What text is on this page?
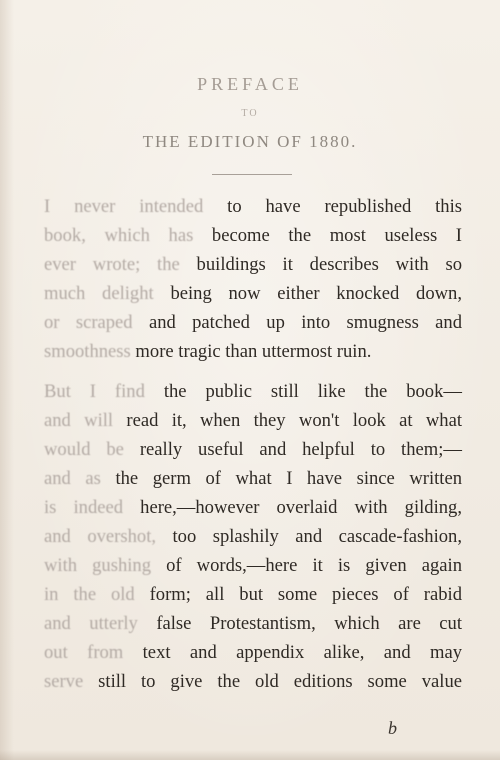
PREFACE
TO
THE EDITION OF 1880.
I never intended to have republished this
book, which has become the most useless I
ever wrote; the buildings it describes with so
much delight being now either knocked down,
or scraped and patched up into smugness and
smoothness more tragic than uttermost ruin.
But I find the public still like the book—
and will read it, when they won't look at what
would be really useful and helpful to them;—
and as the germ of what I have since written
is indeed here,—however overlaid with gilding,
and overshot, too splashily and cascade-fashion,
with gushing of words,—here it is given again
in the old form; all but some pieces of rabid
and utterly false Protestantism, which are cut
out from text and appendix alike, and may
serve still to give the old editions some value
b
